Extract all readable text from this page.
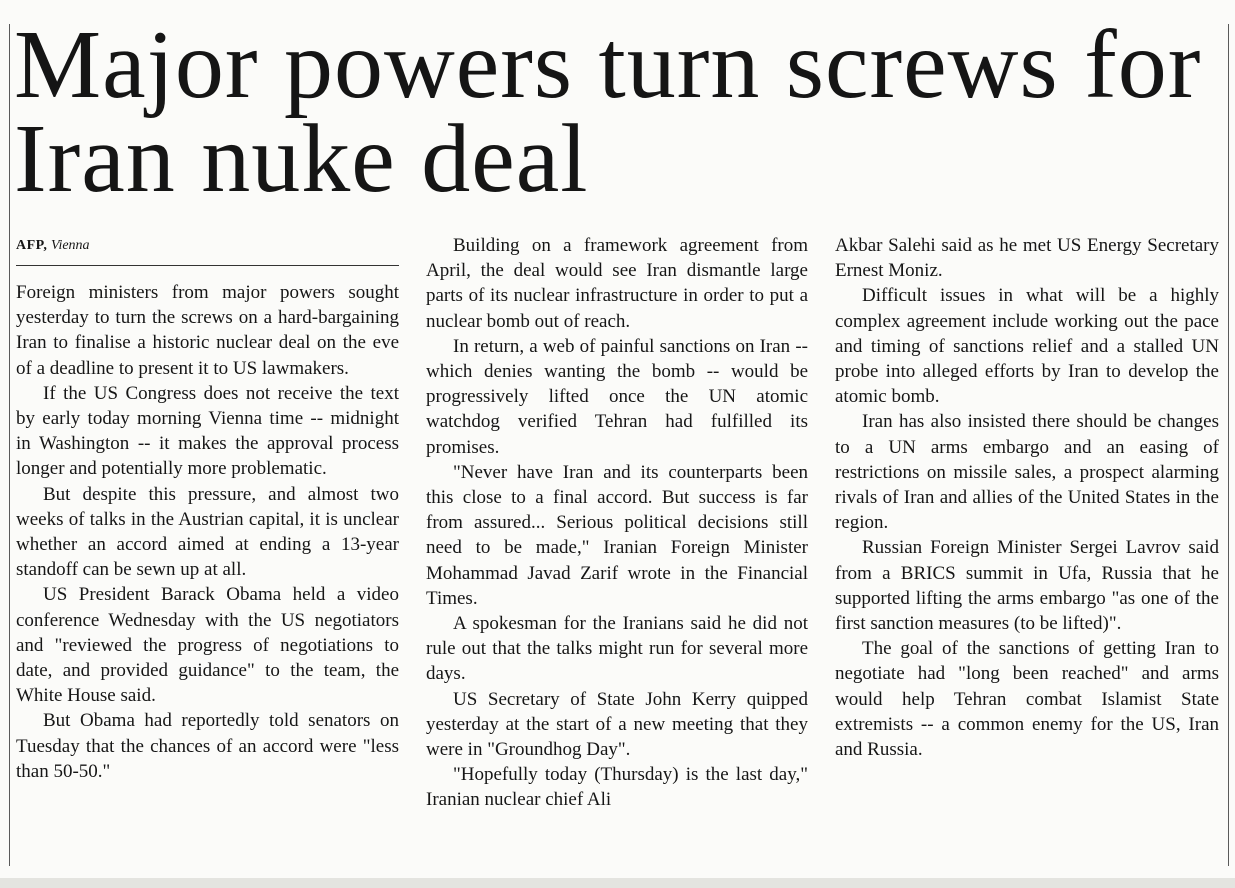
Major powers turn screws for Iran nuke deal
AFP, Vienna

Foreign ministers from major powers sought yesterday to turn the screws on a hard-bargaining Iran to finalise a historic nuclear deal on the eve of a deadline to present it to US lawmakers.

If the US Congress does not receive the text by early today morning Vienna time -- midnight in Washington -- it makes the approval process longer and potentially more problematic.

But despite this pressure, and almost two weeks of talks in the Austrian capital, it is unclear whether an accord aimed at ending a 13-year standoff can be sewn up at all.

US President Barack Obama held a video conference Wednesday with the US negotiators and "reviewed the progress of negotiations to date, and provided guidance" to the team, the White House said.

But Obama had reportedly told senators on Tuesday that the chances of an accord were "less than 50-50."

Building on a framework agreement from April, the deal would see Iran dismantle large parts of its nuclear infrastructure in order to put a nuclear bomb out of reach.

In return, a web of painful sanctions on Iran -- which denies wanting the bomb -- would be progressively lifted once the UN atomic watchdog verified Tehran had fulfilled its promises.

"Never have Iran and its counterparts been this close to a final accord. But success is far from assured... Serious political decisions still need to be made," Iranian Foreign Minister Mohammad Javad Zarif wrote in the Financial Times.

A spokesman for the Iranians said he did not rule out that the talks might run for several more days.

US Secretary of State John Kerry quipped yesterday at the start of a new meeting that they were in "Groundhog Day".

"Hopefully today (Thursday) is the last day," Iranian nuclear chief Ali

Akbar Salehi said as he met US Energy Secretary Ernest Moniz.

Difficult issues in what will be a highly complex agreement include working out the pace and timing of sanctions relief and a stalled UN probe into alleged efforts by Iran to develop the atomic bomb.

Iran has also insisted there should be changes to a UN arms embargo and an easing of restrictions on missile sales, a prospect alarming rivals of Iran and allies of the United States in the region.

Russian Foreign Minister Sergei Lavrov said from a BRICS summit in Ufa, Russia that he supported lifting the arms embargo "as one of the first sanction measures (to be lifted)".

The goal of the sanctions of getting Iran to negotiate had "long been reached" and arms would help Tehran combat Islamist State extremists -- a common enemy for the US, Iran and Russia.
